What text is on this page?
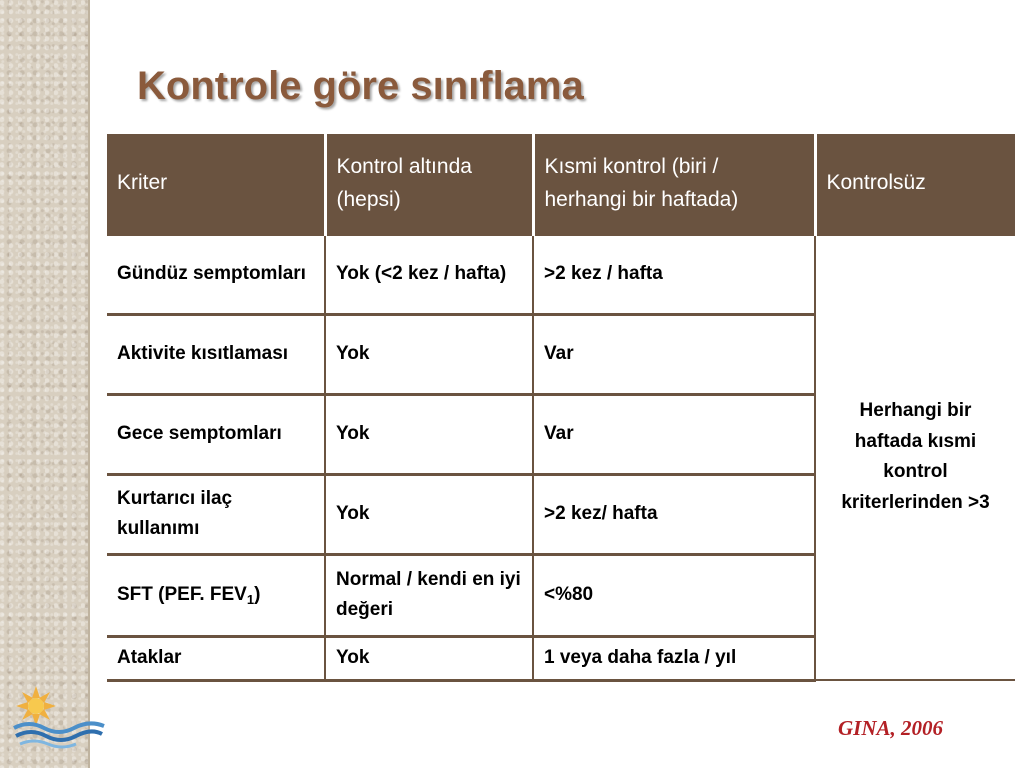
Kontrole göre sınıflama
Kriter	Kontrol altında (hepsi)	Kısmi kontrol (biri / herhangi bir haftada)	Kontrolsüz
Gündüz semptomları	Yok (<2 kez / hafta)	>2 kez / hafta	Herhangi bir haftada kısmi kontrol kriterlerinden >3
Aktivite kısıtlaması	Yok	Var	
Gece semptomları	Yok	Var	
Kurtarıcı ilaç kullanımı	Yok	>2 kez/ hafta	
SFT (PEF. $FEV_1$)	Normal / kendi en iyi değeri	<%80	
Ataklar	Yok	1 veya daha fazla / yıl	
GINA, 2006
